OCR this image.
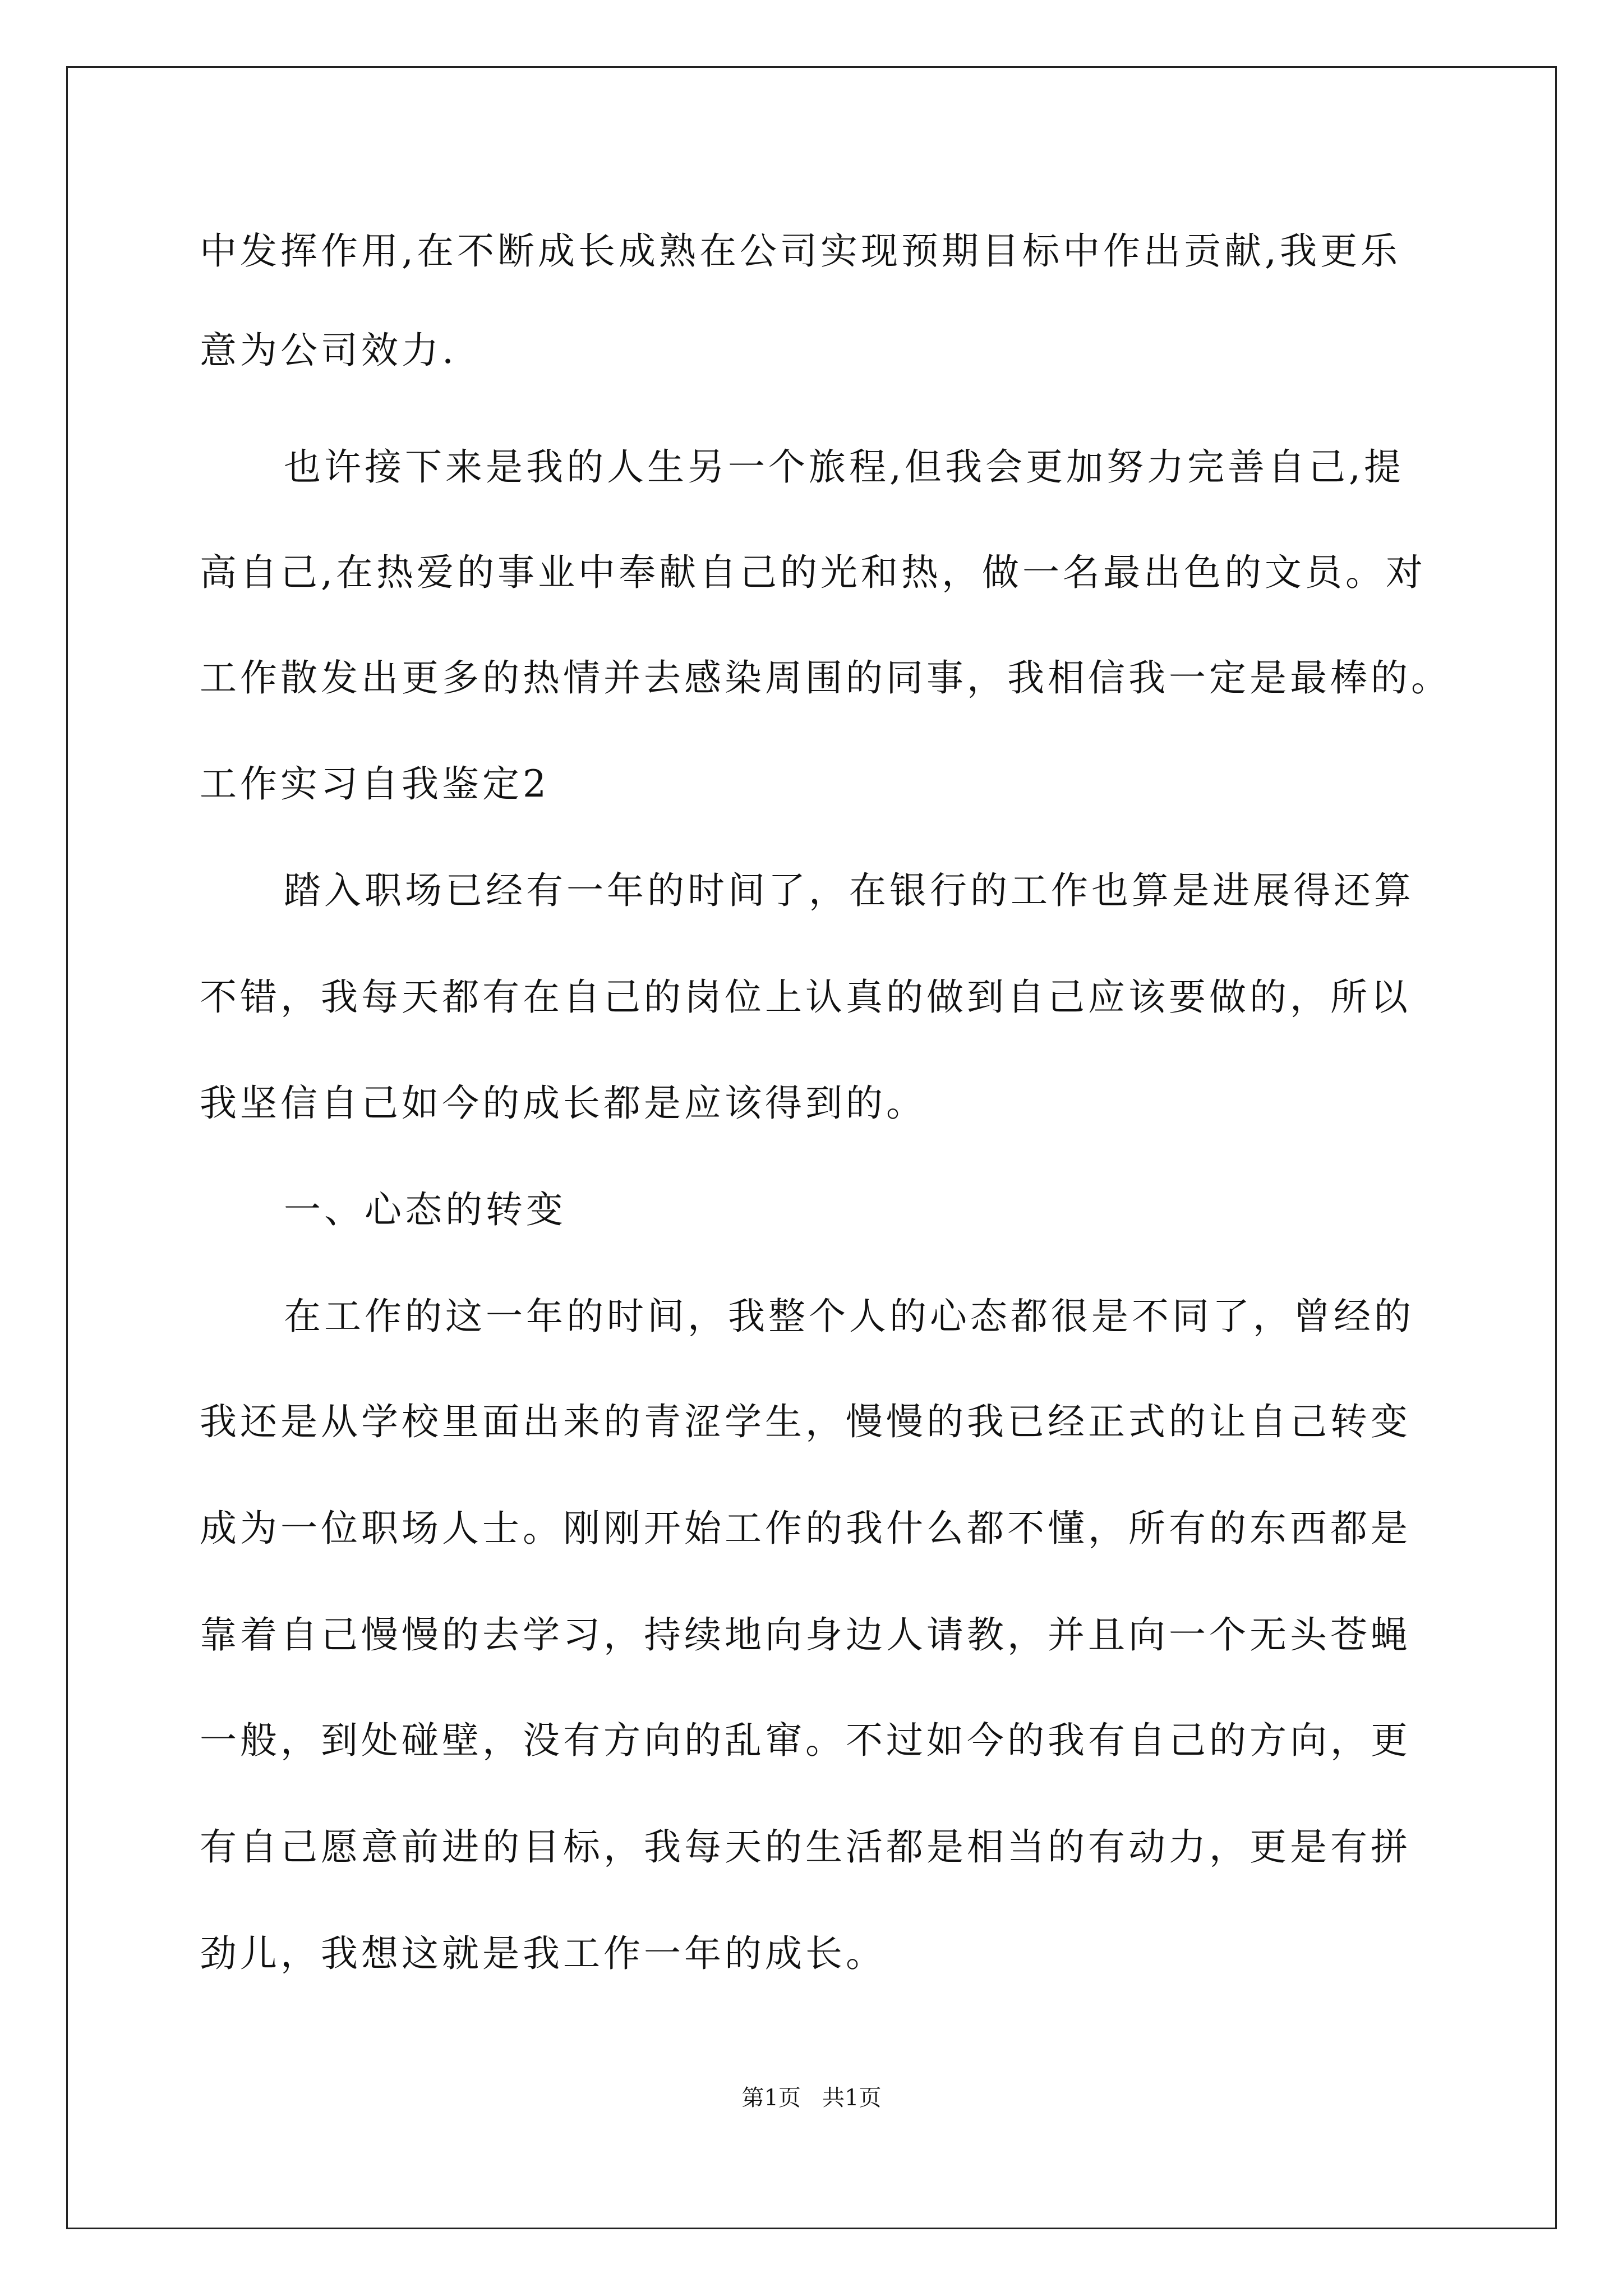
中发挥作用,在不断成长成熟在公司实现预期目标中作出贡献,我更乐

意为公司效力.

也许接下来是我的人生另一个旅程,但我会更加努力完善自己,提

高自己,在热爱的事业中奉献自己的光和热，做一名最出色的文员。对

工作散发出更多的热情并去感染周围的同事，我相信我一定是最棒的。

工作实习自我鉴定2

踏入职场已经有一年的时间了，在银行的工作也算是进展得还算

不错，我每天都有在自己的岗位上认真的做到自己应该要做的，所以

我坚信自己如今的成长都是应该得到的。

一、心态的转变

在工作的这一年的时间，我整个人的心态都很是不同了，曾经的

我还是从学校里面出来的青涩学生，慢慢的我已经正式的让自己转变

成为一位职场人士。刚刚开始工作的我什么都不懂，所有的东西都是

靠着自己慢慢的去学习，持续地向身边人请教，并且向一个无头苍蝇

一般，到处碰壁，没有方向的乱窜。不过如今的我有自己的方向，更

有自己愿意前进的目标，我每天的生活都是相当的有动力，更是有拼

劲儿，我想这就是我工作一年的成长。

第1页   共1页
